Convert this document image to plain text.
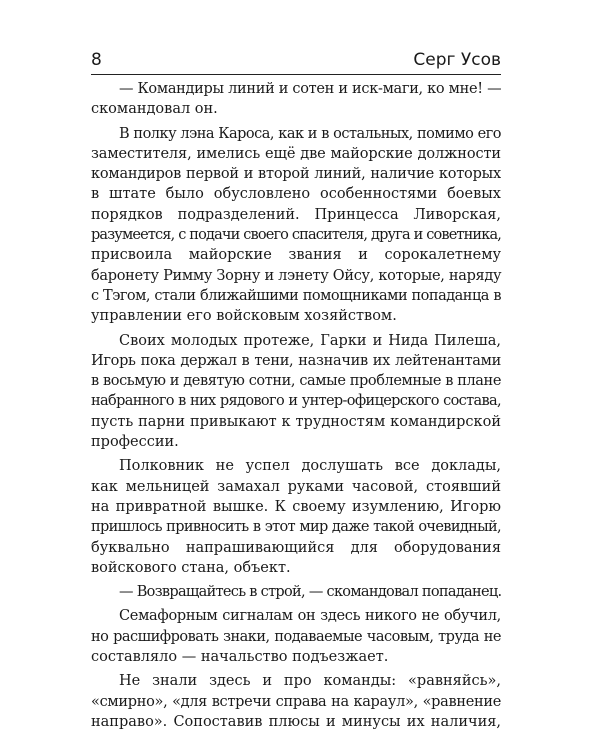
8	Серг Усов
— Командиры линий и сотен и иск-маги, ко мне! —
скомандовал он.
В полку лэна Кароса, как и в остальных, помимо его
заместителя, имелись ещё две майорские должности
командиров первой и второй линий, наличие которых
в штате было обусловлено особенностями боевых
порядков подразделений. Принцесса Ливорская,
разумеется, с подачи своего спасителя, друга и советника,
присвоила майорские звания и сорокалетнему
баронету Римму Зорну и лэнету Ойсу, которые, наряду
с Тэгом, стали ближайшими помощниками попаданца в
управлении его войсковым хозяйством.
Своих молодых протеже, Гарки и Нида Пилеша,
Игорь пока держал в тени, назначив их лейтенантами
в восьмую и девятую сотни, самые проблемные в плане
набранного в них рядового и унтер-офицерского состава,
пусть парни привыкают к трудностям командирской
профессии.
Полковник не успел дослушать все доклады,
как мельницей замахал руками часовой, стоявший
на привратной вышке. К своему изумлению, Игорю
пришлось привносить в этот мир даже такой очевидный,
буквально напрашивающийся для оборудования
войскового стана, объект.
— Возвращайтесь в строй, — скомандовал попаданец.
Семафорным сигналам он здесь никого не обучил,
но расшифровать знаки, подаваемые часовым, труда не
составляло — начальство подъезжает.
Не знали здесь и про команды: «равняйсь»,
«смирно», «для встречи справа на караул», «равнение
направо». Сопоставив плюсы и минусы их наличия,
